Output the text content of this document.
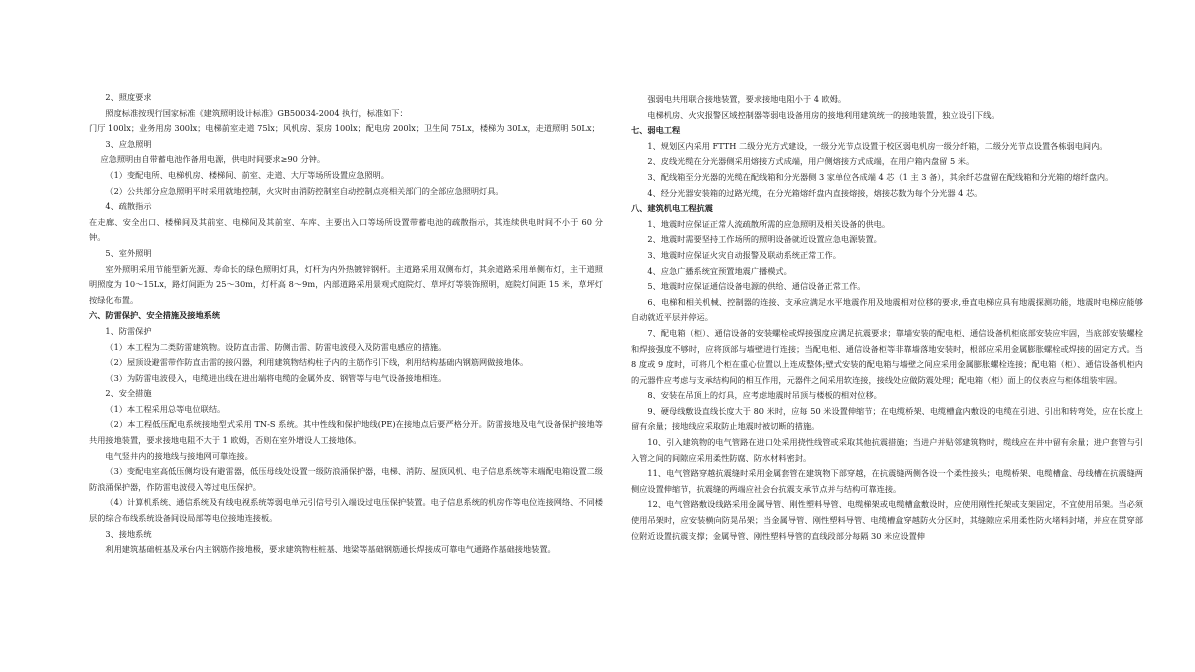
2、照度要求

照度标准按现行国家标准《建筑照明设计标准》GB50034-2004 执行，标准如下：

门厅 100lx；业务用房 300lx；电梯前室走道 75lx；风机房、泵房 100lx；配电房 200lx；卫生间 75Lx，楼梯为 30Lx，走道照明 50Lx；

3、应急照明

应急照明由自带蓄电池作备用电源，供电时间要求≥90 分钟。

（1）变配电所、电梯机房、楼梯间、前室、走道、大厅等场所设置应急照明。

（2）公共部分应急照明平时采用就地控制，火灾时由消防控制室自动控制点亮相关部门的全部应急照明灯具。

4、疏散指示

在走廊、安全出口、楼梯间及其前室、电梯间及其前室、车库、主要出入口等场所设置带蓄电池的疏散指示，其连续供电时间不小于 60 分钟。

5、室外照明

室外照明采用节能型新光源、寿命长的绿色照明灯具，灯杆为内外热镀锌钢杆。主道路采用双侧布灯，其余道路采用单侧布灯，主干道照明照度为 10～15Lx，路灯间距为 25～30m，灯杆高 8～9m，内部道路采用景观式庭院灯、草坪灯等装饰照明，庭院灯间距 15 米，草坪灯按绿化布置。

六、防雷保护、安全措施及接地系统

1、防雷保护

（1）本工程为二类防雷建筑物。设防直击雷、防侧击雷、防雷电波侵入及防雷电感应的措施。

（2）屋顶设避雷带作防直击雷的接闪器，利用建筑物结构柱子内的主筋作引下线，利用结构基础内钢筋网做接地体。

（3）为防雷电波侵入，电缆进出线在进出端将电缆的金属外皮、钢管等与电气设备接地相连。

2、安全措施

（1）本工程采用总等电位联结。

（2）本工程低压配电系统接地型式采用 TN-S 系统。其中性线和保护地线(PE)在接地点后要严格分开。防雷接地及电气设备保护接地等共用接地装置，要求接地电阻不大于 1 欧姆，否则在室外增设人工接地体。

电气竖井内的接地线与接地网可靠连接。

（3）变配电室高低压侧均设有避雷器，低压母线处设置一级防浪涌保护器，电梯、消防、屋顶风机、电子信息系统等末端配电箱设置二级防浪涌保护器，作防雷电波侵入等过电压保护。

（4）计算机系统、通信系统及有线电视系统等弱电单元引信号引入端设过电压保护装置。电子信息系统的机房作等电位连接网络、不同楼层的综合布线系统设备间设局部等电位接地连接板。

3、接地系统

利用建筑基础桩基及承台内主钢筋作接地极，要求建筑物柱桩基、地梁等基础钢筋通长焊接成可靠电气通路作基础接地装置。

强弱电共用联合接地装置，要求接地电阻小于 4 欧姆。

电梯机房、火灾报警区域控制器等弱电设备用房的接地利用建筑统一的接地装置，独立设引下线。

七、弱电工程

1、规划区内采用 FTTH 二级分光方式建设，一级分光节点设置于校区弱电机房一级分纤箱，二级分光节点设置各栋弱电间内。

2、皮线光缆在分光器侧采用熔接方式成端，用户侧熔接方式成端，在用户箱内盘留 5 米。

3、配线箱至分光器的光缆在配线箱和分光器侧 3 家单位各成端 4 芯（1 主 3 备），其余纤芯盘留在配线箱和分光箱的熔纤盘内。

4、经分光器安装箱的过路光缆，在分光箱熔纤盘内直接熔接，熔接芯数为每个分光器 4 芯。

八、建筑机电工程抗震

1、地震时应保证正常人流疏散所需的应急照明及相关设备的供电。

2、地震时需要坚持工作场所的照明设备就近设置应急电源装置。

3、地震时应保证火灾自动报警及联动系统正常工作。

4、应急广播系统宜预置地震广播模式。

5、地震时应保证通信设备电源的供给、通信设备正常工作。

6、电梯和相关机械、控制器的连接、支承应满足水平地震作用及地震相对位移的要求,垂直电梯应具有地震探测功能，地震时电梯应能够自动就近平层并停运。

7、配电箱（柜）、通信设备的安装螺栓或焊接强度应满足抗震要求；靠墙安装的配电柜、通信设备机柜底部安装应牢固，当底部安装螺栓和焊接强度不够时，应将顶部与墙壁进行连接；当配电柜、通信设备柜等非靠墙落地安装时，根部应采用金属膨胀螺栓或焊接的固定方式。当 8 度或 9 度时，可将几个柜在重心位置以上连成整体;壁式安装的配电箱与墙壁之间应采用金属膨胀螺栓连接；配电箱（柜）、通信设备机柜内的元器件应考虑与支承结构间的相互作用，元器件之间采用软连接，接线处应做防震处理；配电箱（柜）面上的仪表应与柜体组装牢固。

8、安装在吊顶上的灯具，应考虑地震时吊顶与楼板的相对位移。

9、硬母线敷设直线长度大于 80 米时，应每 50 米设置伸缩节；在电缆桥架、电缆槽盒内敷设的电缆在引进、引出和转弯处，应在长度上留有余量；接地线应采取防止地震时被切断的措施。

10、引入建筑物的电气管路在进口处采用挠性线管或采取其他抗震措施；当进户并贴邻建筑物时，缆线应在井中留有余量；进户套管与引入管之间的间隙应采用柔性防腐、防水材料密封。

11、电气管路穿越抗震缝时采用金属套管在建筑物下部穿越，在抗震缝两侧各设一个柔性接头；电缆桥架、电缆槽盒、母线槽在抗震缝两侧应设置伸缩节，抗震缝的两端应社会台抗震支承节点并与结构可靠连接。

12、电气管路敷设线路采用金属导管、刚性塑料导管、电缆梯架或电缆槽盒敷设时，应使用刚性托架或支架固定，不宜使用吊架。当必须使用吊架时，应安装横向防晃吊架；当金属导管、刚性塑料导管、电缆槽盒穿越防火分区时，其缝隙应采用柔性防火堵料封堵，并应在贯穿部位附近设置抗震支撑；金属导管、刚性塑料导管的直线段部分每隔 30 米应设置伸
